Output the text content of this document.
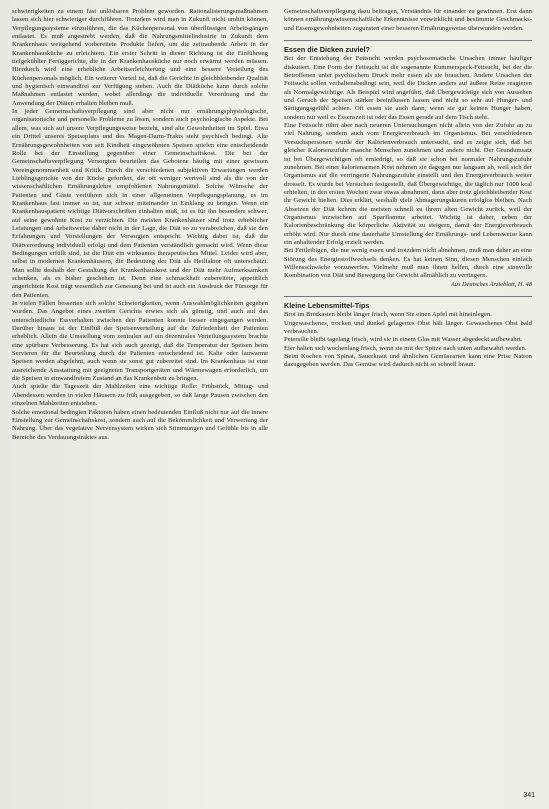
schwierigkeiten zu einem fast unlösbaren Problem geworden. Rationalisierungsmaßnahmen lassen sich hier schwieriger durchführen. Trotzdem wird man in Zukunft nicht umhin können, Verpflegungssysteme einzuführen, die das Küchenpersonal von überflüssigen Arbeitsgängen entlastet. Es muß angestrebt werden, daß die Nahrungsmittelindustrie in Zukunft dem Krankenhaus weitgehend vorbereitete Produkte liefert, um die zeitraubende Arbeit in der Krankenhausküche zu erleichtern. Ein erster Schritt in dieser Richtung ist die Einführung tiefgekühlter Fertiggerichte, die in der Krankenhausküche nur noch erwärmt werden müssen. Hierdurch wird eine erhebliche Arbeitserleichterung und eine bessere Verteilung des Küchenpersonals möglich. Ein weiterer Vorteil ist, daß die Gerichte in gleichbleibender Qualität und hygienisch einwandfrei zur Verfügung stehen. Auch die Diätküche kann durch solche Maßnahmen entlastet werden, wobei allerdings die individuelle Verordnung und die Anwendung der Diäten erhalten bleiben muß.

In jeder Gemeinschaftsverpflegung sind aber nicht nur ernährungsphysiologische, organisatorische und personelle Probleme zu lösen, sondern auch psychologische Aspekte. Bei allem, was sich auf unsere Verpflegungsweise bezieht, sind alte Gewohnheiten im Spiel. Etwa ein Drittel unseres Speiseplans und des Magen-Darm-Trakts steht psychisch bedingt. Alte Ernährungsgewohnheiten von seit Kindheit eingewöhnten Speisen spielen eine entscheidende Rolle bei der Einstellung gegenüber einer Gemeinschaftskost. Die bei der Gemeinschaftsverpflegung Versorgten beurteilen das Gebotene häufig mit einer gewissen Voreingenommenheit und Kritik. Durch die verschiedenen subjektiven Erwartungen werden Lieblingsgerichte von der Küche gefordert, die oft weniger wertvoll sind als die von der wissenschaftlichen Ernährungslehre empfohlenen Nahrungsmittel. Solche Wünsche der Patienten und Gäste verführen sich in einer allgemeinen Verpflegungsplanung, es im Krankenhaus fast immer so ist, nur schwer miteinander in Einklang zu bringen. Wenn ein Krankenhauspatient wichtige Diätvorschriften einhalten muß, ist es für ihn besonders schwer, auf seine gewohnte Kost zu verzichten. Die meisten Krankenhäuser sind trotz erheblicher Leistungen und Arbeitsweise daher nicht in der Lage, die Diät so zu verabreichen, daß sie den Erfahrungen und Vorstellungen der Versorgten entspricht. Wichtig dabei ist, daß die Diätverordnung individuell erfolgt und dem Patienten verständlich gemacht wird. Wenn diese Bedingungen erfüllt sind, ist die Diät ein wirksames therapeutisches Mittel. Leider wird aber, selbst in modernen Krankenhäusern, die Bedeutung der Diät als Heilfaktor oft unterschätzt. Man sollte deshalb der Gestaltung der Krankenhauskost und der Diät mehr Aufmerksamkeit schenken, als es bisher geschehen ist. Denn eine schmackhaft zubereitete, appetitlich angerichtete Kost trägt wesentlich zur Genesung bei und ist auch ein Ausdruck der Fürsorge für den Patienten.

In vielen Fällen besserten sich solche Schwierigkeiten, wenn Auswahlmöglichkeiten gegeben wurden. Das Angebot eines zweiten Gerichts erwies sich als günstig, und auch auf das unterschiedliche Essverhalten zwischen den Patienten konnte besser eingegangen werden. Darüber hinaus ist der Einfluß der Speisenverteilung auf die Zufriedenheit der Patienten erheblich. Allein die Umstellung vom zentralen auf ein dezentrales Verteilungssystem brachte eine spürbare Verbesserung. Es hat sich auch gezeigt, daß die Temperatur der Speisen beim Servieren für die Beurteilung durch die Patienten entscheidend ist. Kalte oder lauwarme Speisen werden abgelehnt, auch wenn sie sonst gut zubereitet sind. Im Krankenhaus ist eine ausreichende Ausstattung mit geeigneten Transportgeräten und Wärmewagen erforderlich, um die Speisen in einwandfreiem Zustand an das Krankenbett zu bringen.

Auch spielte die Tageszeit der Mahlzeiten eine wichtige Rolle: Frühstück, Mittag- und Abendessen werden in vielen Häusern zu früh ausgegeben, so daß lange Pausen zwischen den einzelnen Mahlzeiten entstehen.

Solche emotional bedingten Faktoren haben einen bedeutenden Einfluß nicht nur auf die innere Einstellung zur Gemeinschaftskost, sondern auch auf die Bekömmlichkeit und Verwertung der Nahrung. Über das vegetative Nervensystem wirken sich Stimmungen und Gefühle bis in alle Bereiche des Verdauungstraktes aus.

Gemeinschaftsverpflegung dazu beitragen, Verständnis für einander zu gewinnen. Erst dann können ernährungswissenschaftliche Erkenntnisse verwirklicht und bestimmte Geschmacks- und Essensgewohnheiten zugunsten einer besseren Ernährungsweise überwunden werden.

Essen die Dicken zuviel?

Bei der Entstehung der Fettsucht werden psychosomatische Ursachen immer häufiger diskutiert. Eine Form der Fettsucht ist die sogenannte Kummerspeck-Fettsucht, bei der die Betroffenen unter psychischem Druck mehr essen als sie brauchen. Andere Ursachen der Fettsucht sollen verhaltensbedingt sein, weil die Dicken anders auf äußere Reize reagieren als Normalgewichtige. Als Beispiel wird angeführt, daß Übergewichtige sich von Aussehen und Geruch der Speisen stärker beeinflussen lassen und nicht so sehr auf Hunger- und Sättigungsgefühl achten. Oft essen sie auch dann, wenn sie gar keinen Hunger haben, sondern nur weil es Essenszeit ist oder das Essen gerade auf dem Tisch steht.

Eine Fettsucht rührt aber nach neueren Untersuchungen nicht allein von der Zufuhr an zu viel Nahrung, sondern auch vom Energieverbrauch im Organismus. Bei verschiedenen Versuchspersonen wurde der Kalorienverbrauch untersucht, und es zeigte sich, daß bei gleicher Kalorienzufuhr manche Menschen zunehmen und andere nicht. Der Grundumsatz ist bei Übergewichtigen oft erniedrigt, so daß sie schon bei normaler Nahrungszufuhr zunehmen. Bei einer kalorienarmen Kost nehmen sie dagegen nur langsam ab, weil sich der Organismus auf die verringerte Nahrungszufuhr einstellt und den Energieverbrauch weiter drosselt. Es wurde bei Versuchen festgestellt, daß Übergewichtige, die täglich nur 1000 kcal erhielten, in den ersten Wochen zwar etwas abnahmen, dann aber trotz gleichbleibender Kost ihr Gewicht hielten. Dies erklärt, weshalb viele Abmagerungskuren erfolglos bleiben. Nach Absetzen der Diät kehren die meisten schnell zu ihrem alten Gewicht zurück, weil der Organismus inzwischen auf Sparflamme arbeitet. Wichtig ist daher, neben der Kalorienbeschränkung die körperliche Aktivität zu steigern, damit der Energieverbrauch erhöht wird. Nur durch eine dauerhafte Umstellung der Ernährungs- und Lebensweise kann ein anhaltender Erfolg erzielt werden.

Bei Fettleibigen, die nur wenig essen und trotzdem nicht abnehmen, muß man daher an eine Störung des Energiestoffwechsels denken. Es hat keinen Sinn, diesen Menschen einfach Willensschwäche vorzuwerfen. Vielmehr muß man ihnen helfen, durch eine sinnvolle Kombination von Diät und Bewegung ihr Gewicht allmählich zu verringern.

Aus Deutsches Ärzteblatt, H. 48
Kleine Lebensmittel-Tips

Brot im Brotkasten bleibt länger frisch, wenn Sie einen Apfel mit hineinlegen.

Ungewaschenes, trocken und dunkel gelagertes Obst hält länger. Gewaschenes Obst bald verbrauchen.

Petersilie bleibt tagelang frisch, wird sie in einem Glas mit Wasser abgedeckt aufbewahrt.

Eier halten sich wochenlang frisch, wenn sie mit der Spitze nach unten aufbewahrt werden.

Beim Kochen von Spinat, Sauerkraut und ähnlichen Gemüsearten kann eine Prise Natron dazugegeben werden. Das Gemüse wird dadurch nicht so schnell braun.

341
